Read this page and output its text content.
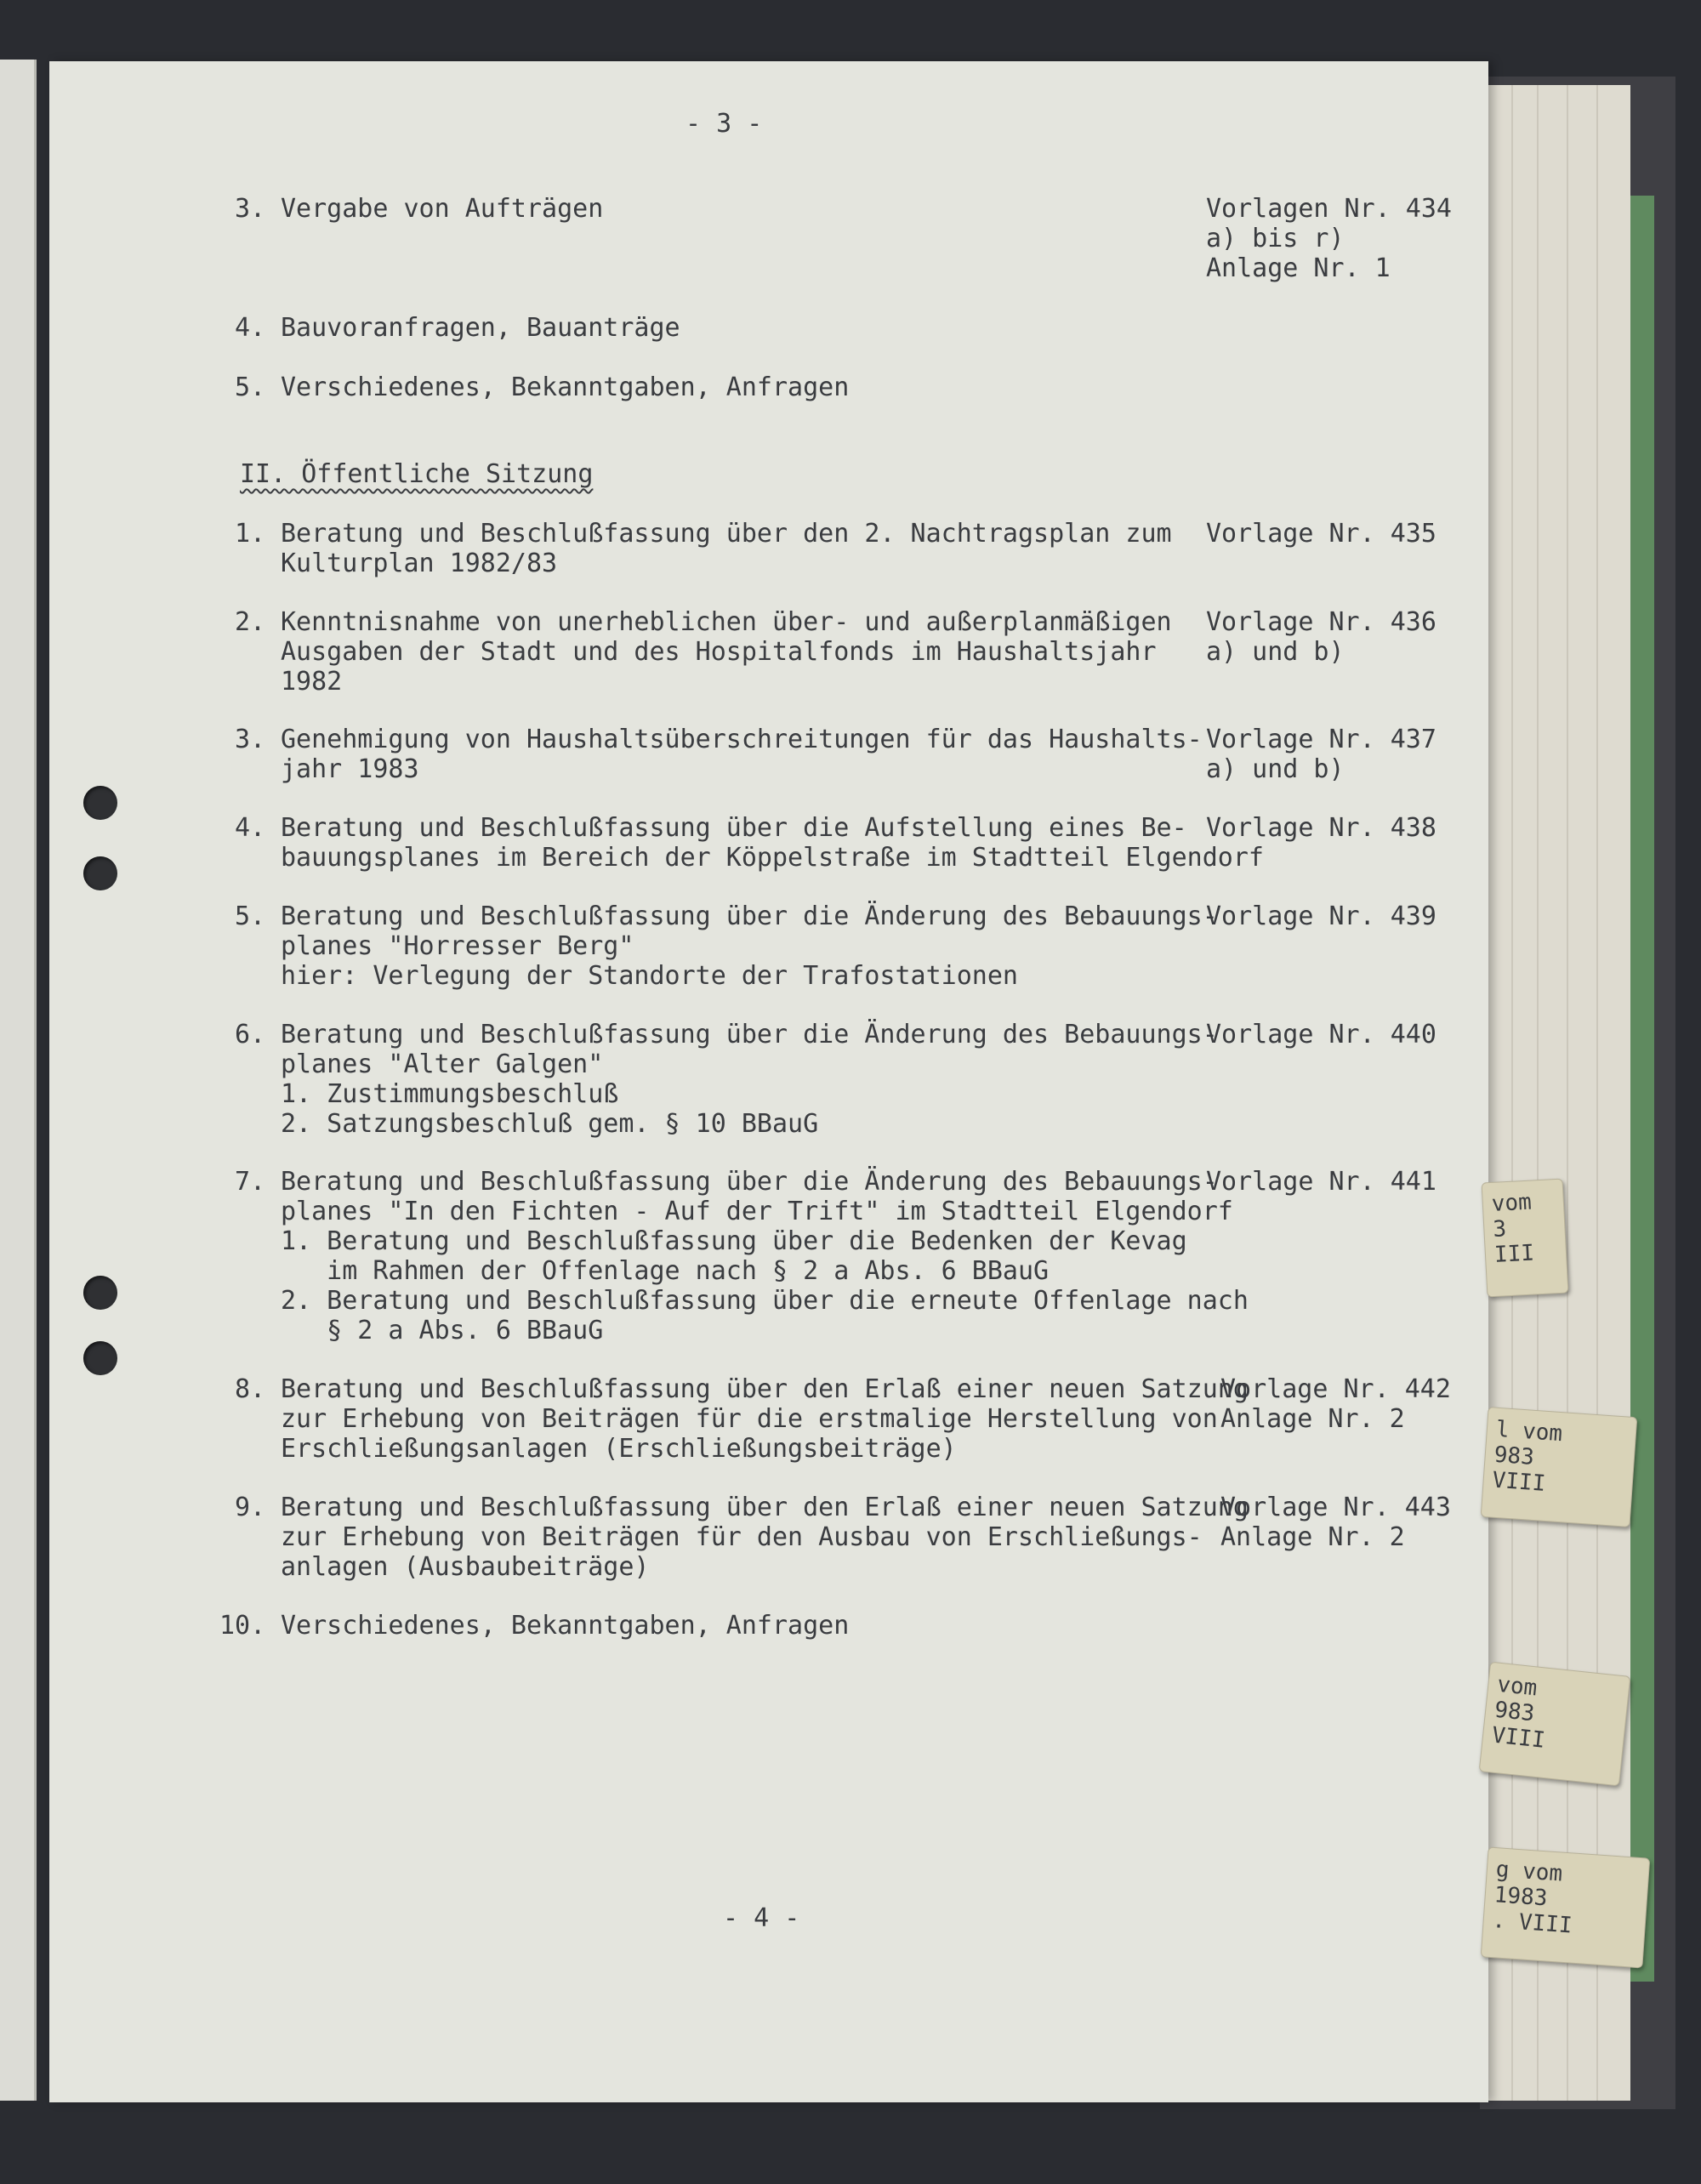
- 3 -
3. Vergabe von Aufträgen	Vorlagen Nr. 434
a) bis r)
Anlage Nr. 1
4. Bauvoranfragen, Bauanträge
5. Verschiedenes, Bekanntgaben, Anfragen
II. Öffentliche Sitzung
1. Beratung und Beschlußfassung über den 2. Nachtragsplan zum
Kulturplan 1982/83
Vorlage Nr. 435
2. Kenntnisnahme von unerheblichen über- und außerplanmäßigen
Ausgaben der Stadt und des Hospitalfonds im Haushaltsjahr
1982
Vorlage Nr. 436
a) und b)
3. Genehmigung von Haushaltsüberschreitungen für das Haushalts-
jahr 1983
Vorlage Nr. 437
a) und b)
4. Beratung und Beschlußfassung über die Aufstellung eines Be-
bauungsplanes im Bereich der Köppelstraße im Stadtteil Elgendorf
Vorlage Nr. 438
5. Beratung und Beschlußfassung über die Änderung des Bebauungs-
planes "Horresser Berg"
hier: Verlegung der Standorte der Trafostationen
Vorlage Nr. 439
6. Beratung und Beschlußfassung über die Änderung des Bebauungs-
planes "Alter Galgen"
1. Zustimmungsbeschluß
2. Satzungsbeschluß gem. § 10 BBauG
Vorlage Nr. 440
7. Beratung und Beschlußfassung über die Änderung des Bebauungs-
planes "In den Fichten - Auf der Trift" im Stadtteil Elgendorf
1. Beratung und Beschlußfassung über die Bedenken der Kevag
im Rahmen der Offenlage nach § 2 a Abs. 6 BBauG
2. Beratung und Beschlußfassung über die erneute Offenlage nach
§ 2 a Abs. 6 BBauG
Vorlage Nr. 441
8. Beratung und Beschlußfassung über den Erlaß einer neuen Satzung
zur Erhebung von Beiträgen für die erstmalige Herstellung von
Erschließungsanlagen (Erschließungsbeiträge)
Vorlage Nr. 442
Anlage Nr. 2
9. Beratung und Beschlußfassung über den Erlaß einer neuen Satzung
zur Erhebung von Beiträgen für den Ausbau von Erschließungs-
anlagen (Ausbaubeiträge)
Vorlage Nr. 443
Anlage Nr. 2
10. Verschiedenes, Bekanntgaben, Anfragen
- 4 -
vom
3
III
l vom
983
VIII
vom
983
VIII
g vom
1983
. VIII
